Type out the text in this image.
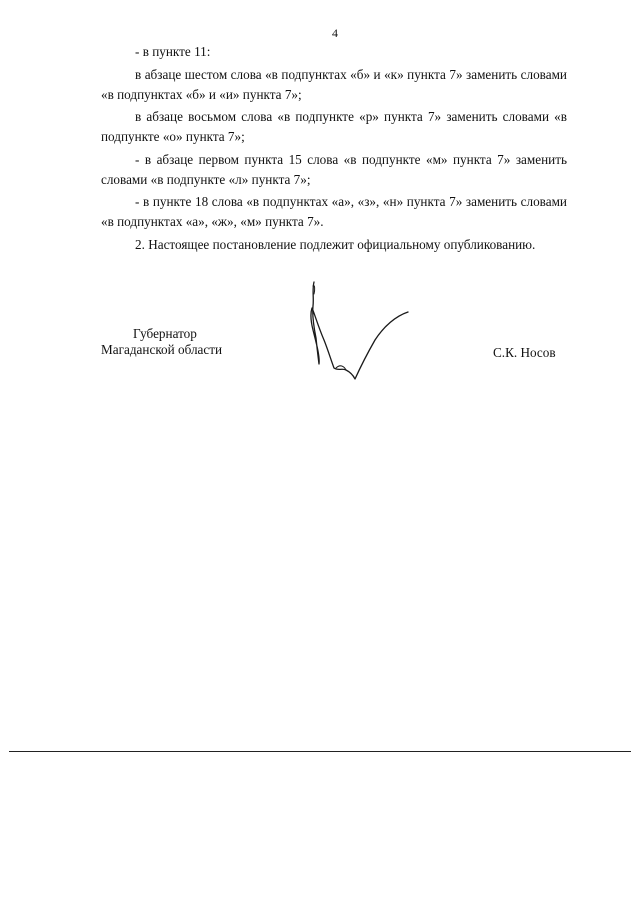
4

- в пункте 11:

в абзаце шестом слова «в подпунктах «б» и «к» пункта 7» заменить словами «в подпунктах «б» и «и» пункта 7»;

в абзаце восьмом слова «в подпункте «р» пункта 7» заменить словами «в подпункте «о» пункта 7»;

- в абзаце первом пункта 15 слова «в подпункте «м» пункта 7» заменить словами «в подпункте «л» пункта 7»;

- в пункте 18 слова «в подпунктах «а», «з», «н» пункта 7» заменить словами «в подпунктах «а», «ж», «м» пункта 7».

2. Настоящее постановление подлежит официальному опубликованию.

Губернатор
Магаданской области	С.К. Носов
